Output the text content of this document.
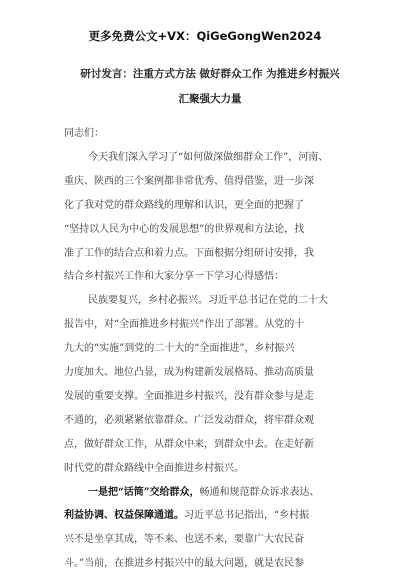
更多免费公文+VX：QiGeGongWen2024
研讨发言：注重方式方法 做好群众工作 为推进乡村振兴
汇聚强大力量
同志们：
今天我们深入学习了“如何做深做细群众工作”，河南、
重庆、陕西的三个案例都非常优秀、值得借鉴，进一步深
化了我对党的群众路线的理解和认识，更全面的把握了
“坚持以人民为中心的发展思想”的世界观和方法论，找
准了工作的结合点和着力点。下面根据分组研讨安排，我
结合乡村振兴工作和大家分享一下学习心得感悟：
民族要复兴，乡村必振兴。习近平总书记在党的二十大
报告中，对“全面推进乡村振兴”作出了部署。从党的十
九大的“实施”到党的二十大的“全面推进”，乡村振兴
力度加大、地位凸显，成为构建新发展格局、推动高质量
发展的重要支撑。全面推进乡村振兴，没有群众参与是走
不通的，必须紧紧依靠群众、广泛发动群众，将牢群众观
点，做好群众工作，从群众中来，到群众中去。在走好新
时代党的群众路线中全面推进乡村振兴。
一是把“话筒”交给群众，畅通和规范群众诉求表达、
利益协调、权益保障通道。习近平总书记指出，“乡村振
兴不是坐享其成，等不来、也送不来，要靠广大农民奋
斗。”当前，在推进乡村振兴中的最大问题，就是农民参
